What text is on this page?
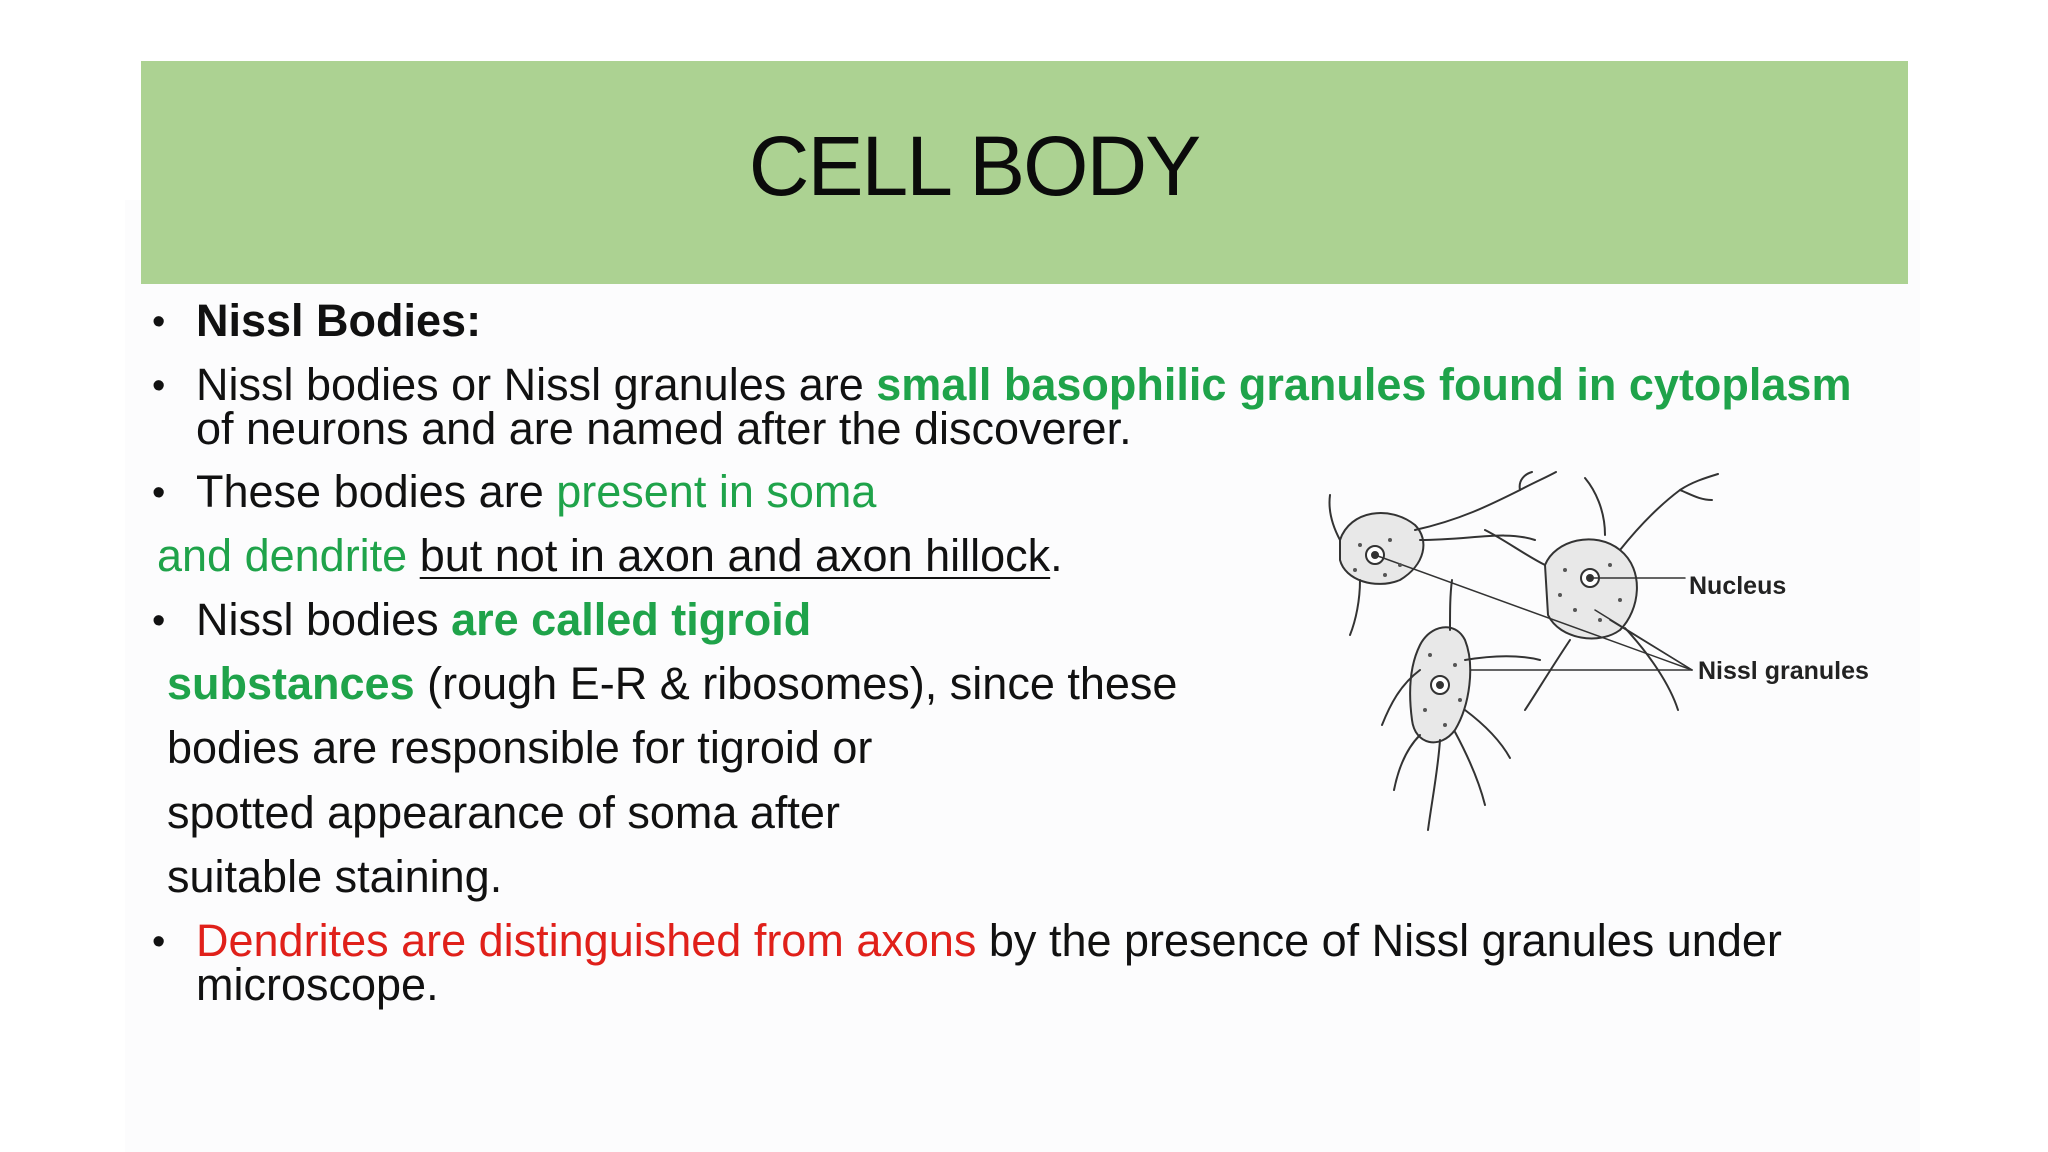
CELL BODY
• Nissl Bodies:
• Nissl bodies or Nissl granules are small basophilic granules found in cytoplasm
of neurons and are named after the discoverer.
• These bodies are present in soma
and dendrite but not in axon and axon hillock.
• Nissl bodies are called tigroid
substances (rough E-R & ribosomes), since these
bodies are responsible for tigroid or
spotted appearance of soma after
suitable staining.
• Dendrites are distinguished from axons by the presence of Nissl granules under
microscope.
Nucleus
Nissl granules
